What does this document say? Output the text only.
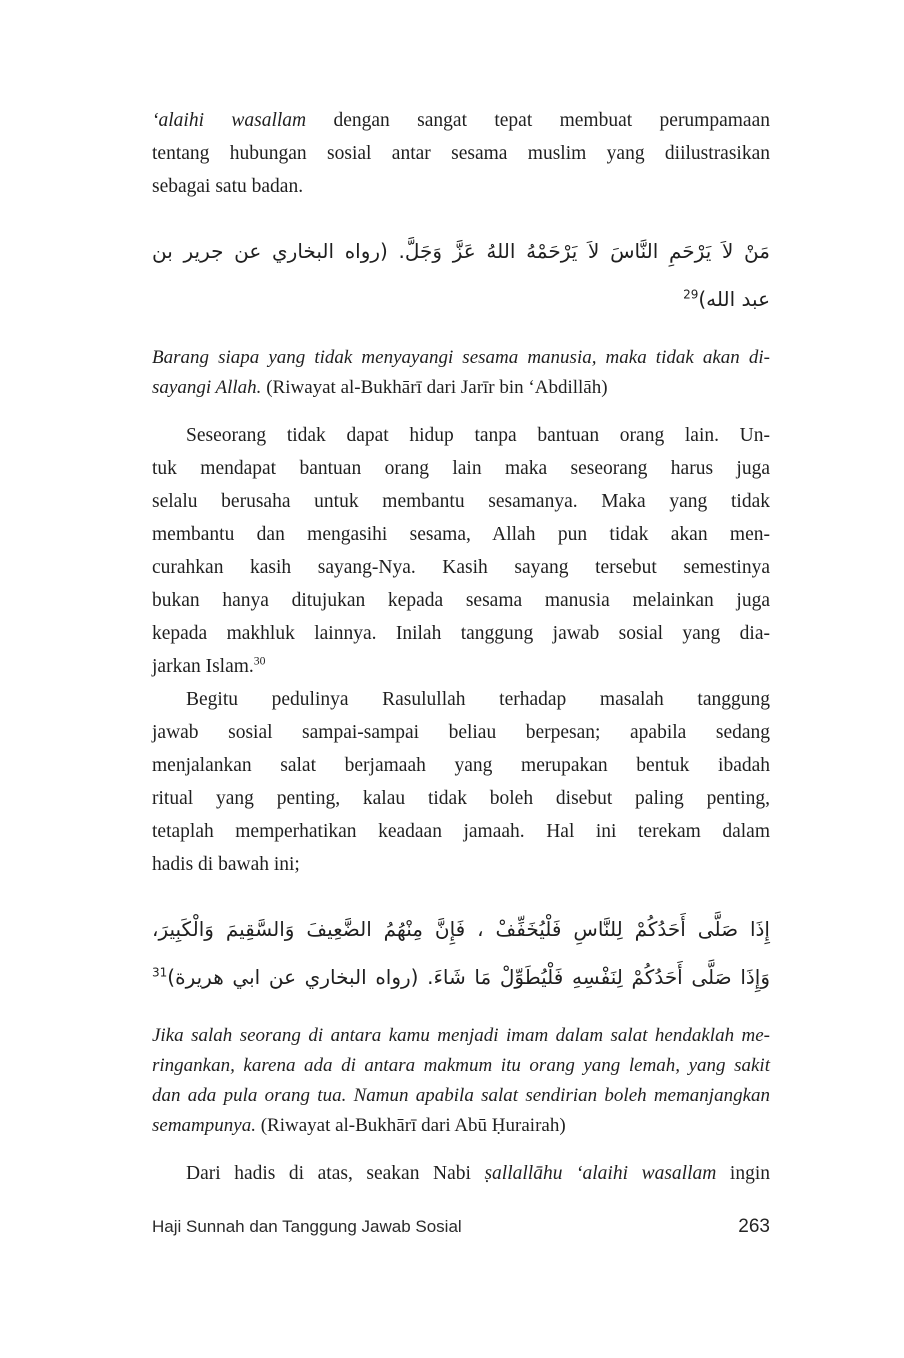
‘alaihi wasallam dengan sangat tepat membuat perumpamaan
tentang hubungan sosial antar sesama muslim yang diilustrasikan
sebagai satu badan.
مَنْ لاَ يَرْحَمِ النَّاسَ لاَ يَرْحَمْهُ اللهُ عَزَّ وَجَلَّ. (رواه البخاري عن جرير بن
عبد الله)$^{29}$
Barang siapa yang tidak menyayangi sesama manusia, maka tidak akan di-
sayangi Allah. (Riwayat al-Bukhārī dari Jarīr bin ‘Abdillāh)
Seseorang tidak dapat hidup tanpa bantuan orang lain. Un-
tuk mendapat bantuan orang lain maka seseorang harus juga
selalu berusaha untuk membantu sesamanya. Maka yang tidak
membantu dan mengasihi sesama, Allah pun tidak akan men-
curahkan kasih sayang-Nya. Kasih sayang tersebut semestinya
bukan hanya ditujukan kepada sesama manusia melainkan juga
kepada makhluk lainnya. Inilah tanggung jawab sosial yang dia-
jarkan Islam.$^{30}$
Begitu pedulinya Rasulullah terhadap masalah tanggung
jawab sosial sampai-sampai beliau berpesan; apabila sedang
menjalankan salat berjamaah yang merupakan bentuk ibadah
ritual yang penting, kalau tidak boleh disebut paling penting,
tetaplah memperhatikan keadaan jamaah. Hal ini terekam dalam
hadis di bawah ini;
إِذَا صَلَّى أَحَدُكُمْ لِلنَّاسِ فَلْيُخَفِّفْ ، فَإِنَّ مِنْهُمُ الضَّعِيفَ وَالسَّقِيمَ وَالْكَبِيرَ،
وَإِذَا صَلَّى أَحَدُكُمْ لِنَفْسِهِ فَلْيُطَوِّلْ مَا شَاءَ. (رواه البخاري عن ابي هريرة)$^{31}$
Jika salah seorang di antara kamu menjadi imam dalam salat hendaklah me-
ringankan, karena ada di antara makmum itu orang yang lemah, yang sakit
dan ada pula orang tua. Namun apabila salat sendirian boleh memanjangkan
semampunya. (Riwayat al-Bukhārī dari Abū Ḥurairah)
Dari hadis di atas, seakan Nabi ṣallallāhu ‘alaihi wasallam ingin
Haji Sunnah dan Tanggung Jawab Sosial	263
